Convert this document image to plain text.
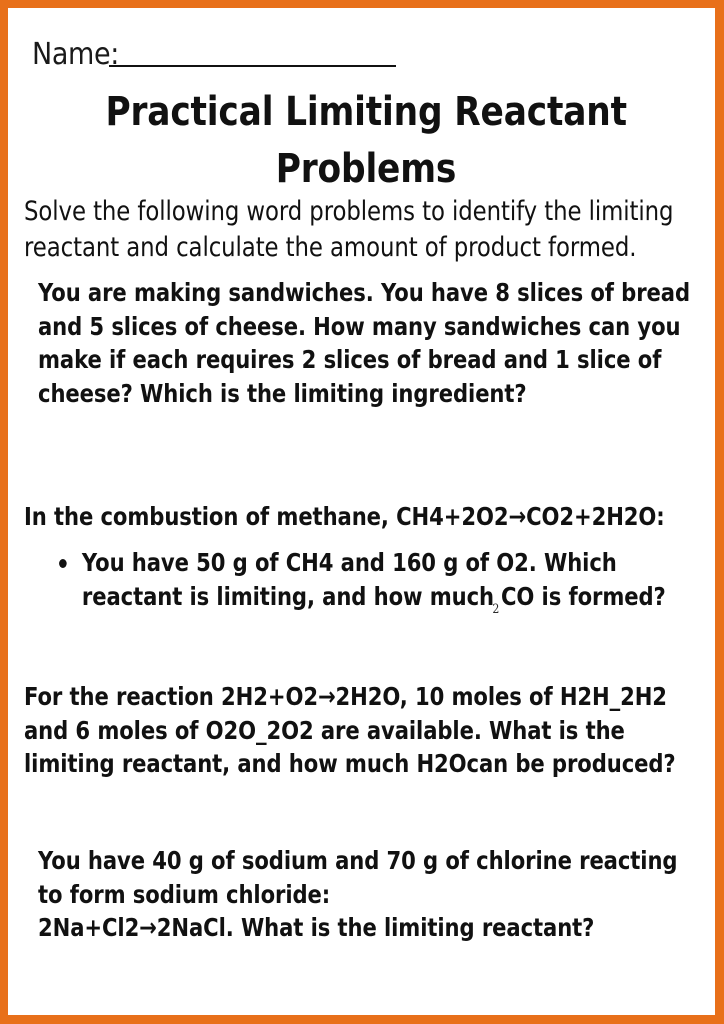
Name:
Practical Limiting Reactant
Problems
Solve the following word problems to identify the limiting reactant and calculate the amount of product formed.
You are making sandwiches. You have 8 slices of bread and 5 slices of cheese. How many sandwiches can you make if each requires 2 slices of bread and 1 slice of cheese? Which is the limiting ingredient?
In the combustion of methane, CH4+2O2→CO2+2H2O:
You have 50 g of CH4 and 160 g of O2. Which reactant is limiting, and how much$_2$CO is formed?
For the reaction 2H2+O2→2H2O, 10 moles of H2H_2H2 and 6 moles of O2O_2O2 are available. What is the limiting reactant, and how much H2Ocan be produced?
You have 40 g of sodium and 70 g of chlorine reacting to form sodium chloride:
2Na+Cl2→2NaCl. What is the limiting reactant?
